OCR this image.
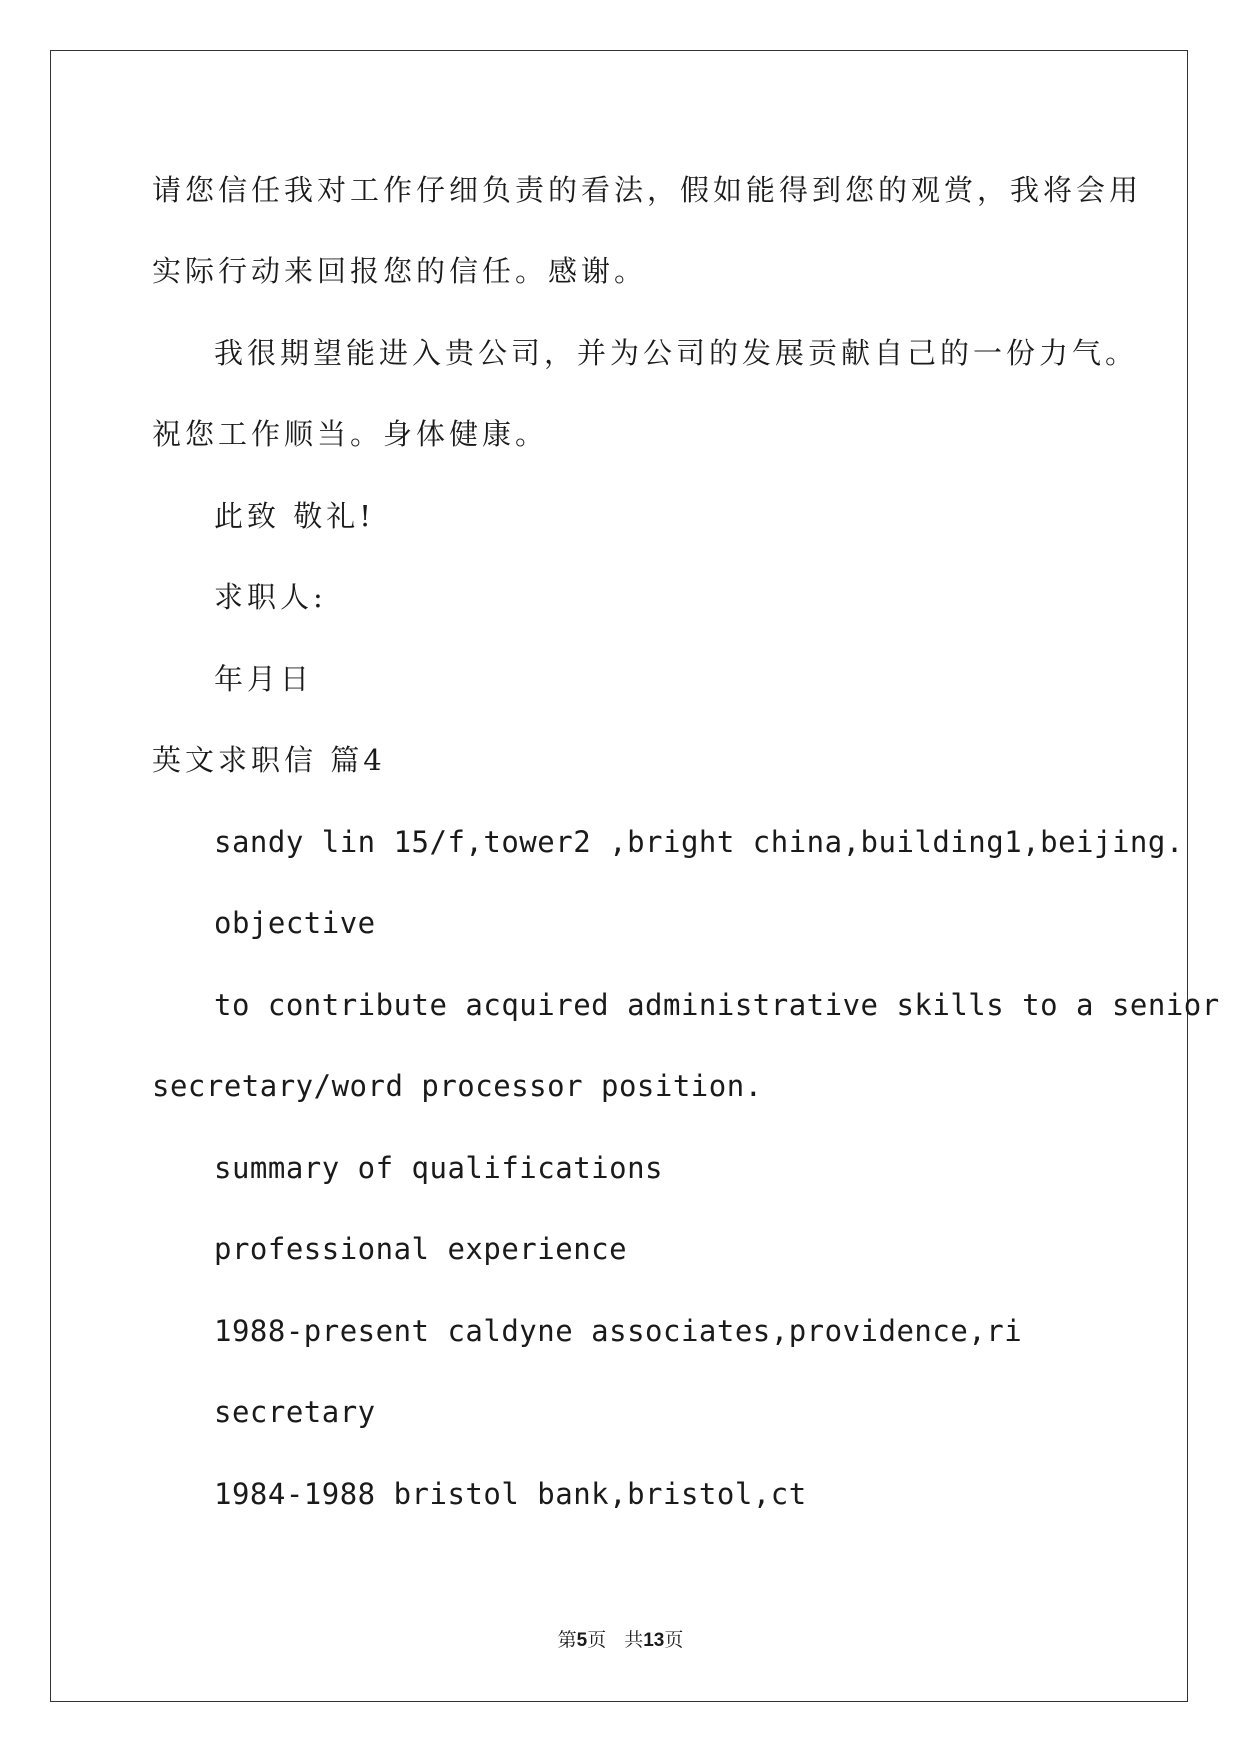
请您信任我对工作仔细负责的看法，假如能得到您的观赏，我将会用
实际行动来回报您的信任。感谢。
我很期望能进入贵公司，并为公司的发展贡献自己的一份力气。
祝您工作顺当。身体健康。
此致 敬礼!
求职人:
年月日
英文求职信 篇4
sandy lin 15/f,tower2 ,bright china,building1,beijing.
objective
to contribute acquired administrative skills to a senior
secretary/word processor position.
summary of qualifications
professional experience
1988-present caldyne associates,providence,ri
secretary
1984-1988 bristol bank,bristol,ct
第5页 共13页
